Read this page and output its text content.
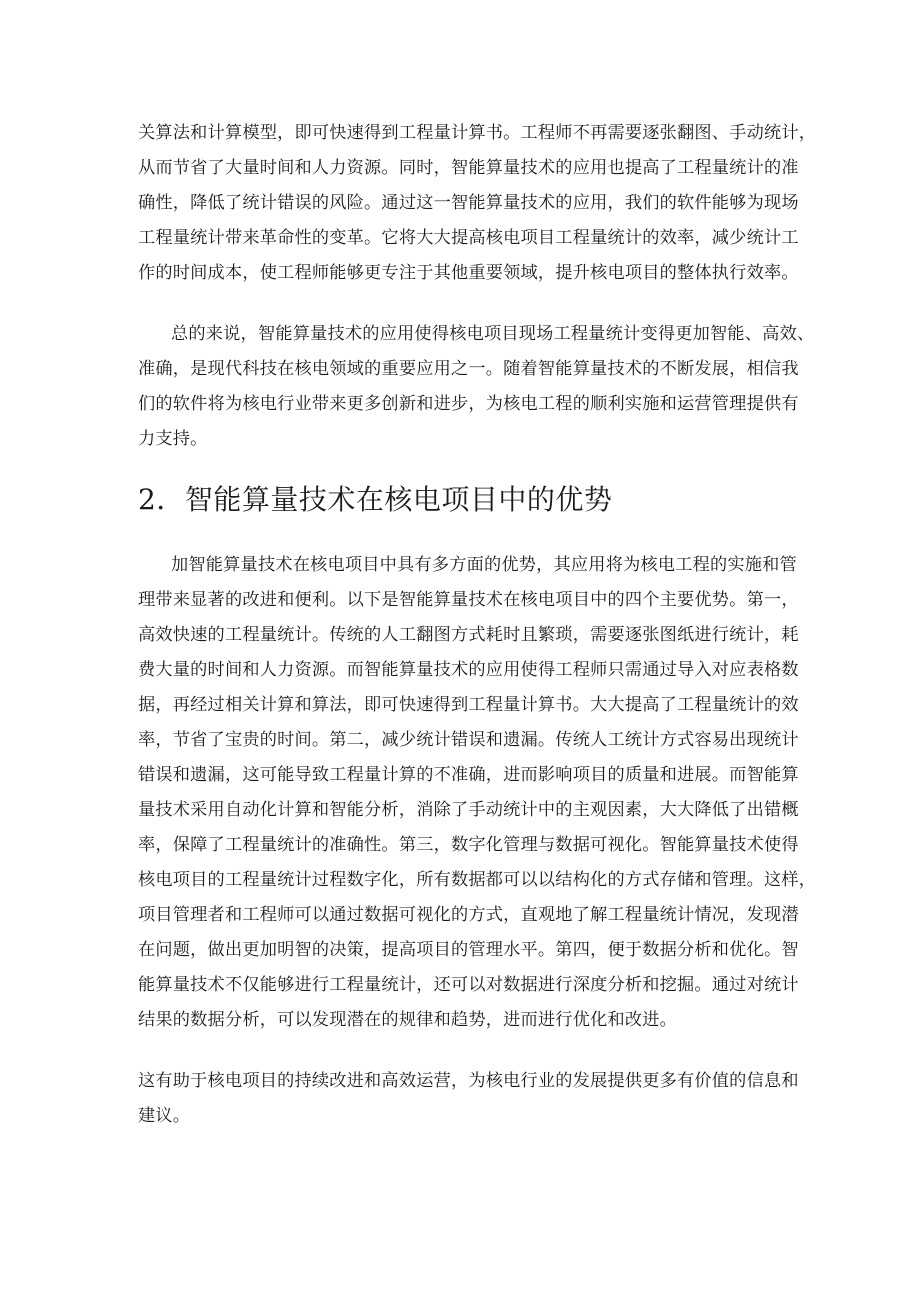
关算法和计算模型，即可快速得到工程量计算书。工程师不再需要逐张翻图、手动统计，
从而节省了大量时间和人力资源。同时，智能算量技术的应用也提高了工程量统计的准
确性，降低了统计错误的风险。通过这一智能算量技术的应用，我们的软件能够为现场
工程量统计带来革命性的变革。它将大大提高核电项目工程量统计的效率，减少统计工
作的时间成本，使工程师能够更专注于其他重要领域，提升核电项目的整体执行效率。
总的来说，智能算量技术的应用使得核电项目现场工程量统计变得更加智能、高效、
准确，是现代科技在核电领域的重要应用之一。随着智能算量技术的不断发展，相信我
们的软件将为核电行业带来更多创新和进步，为核电工程的顺利实施和运营管理提供有
力支持。
2．智能算量技术在核电项目中的优势
加智能算量技术在核电项目中具有多方面的优势，其应用将为核电工程的实施和管
理带来显著的改进和便利。以下是智能算量技术在核电项目中的四个主要优势。第一，
高效快速的工程量统计。传统的人工翻图方式耗时且繁琐，需要逐张图纸进行统计，耗
费大量的时间和人力资源。而智能算量技术的应用使得工程师只需通过导入对应表格数
据，再经过相关计算和算法，即可快速得到工程量计算书。大大提高了工程量统计的效
率，节省了宝贵的时间。第二，减少统计错误和遗漏。传统人工统计方式容易出现统计
错误和遗漏，这可能导致工程量计算的不准确，进而影响项目的质量和进展。而智能算
量技术采用自动化计算和智能分析，消除了手动统计中的主观因素，大大降低了出错概
率，保障了工程量统计的准确性。第三，数字化管理与数据可视化。智能算量技术使得
核电项目的工程量统计过程数字化，所有数据都可以以结构化的方式存储和管理。这样，
项目管理者和工程师可以通过数据可视化的方式，直观地了解工程量统计情况，发现潜
在问题，做出更加明智的决策，提高项目的管理水平。第四，便于数据分析和优化。智
能算量技术不仅能够进行工程量统计，还可以对数据进行深度分析和挖掘。通过对统计
结果的数据分析，可以发现潜在的规律和趋势，进而进行优化和改进。
这有助于核电项目的持续改进和高效运营，为核电行业的发展提供更多有价值的信息和
建议。
